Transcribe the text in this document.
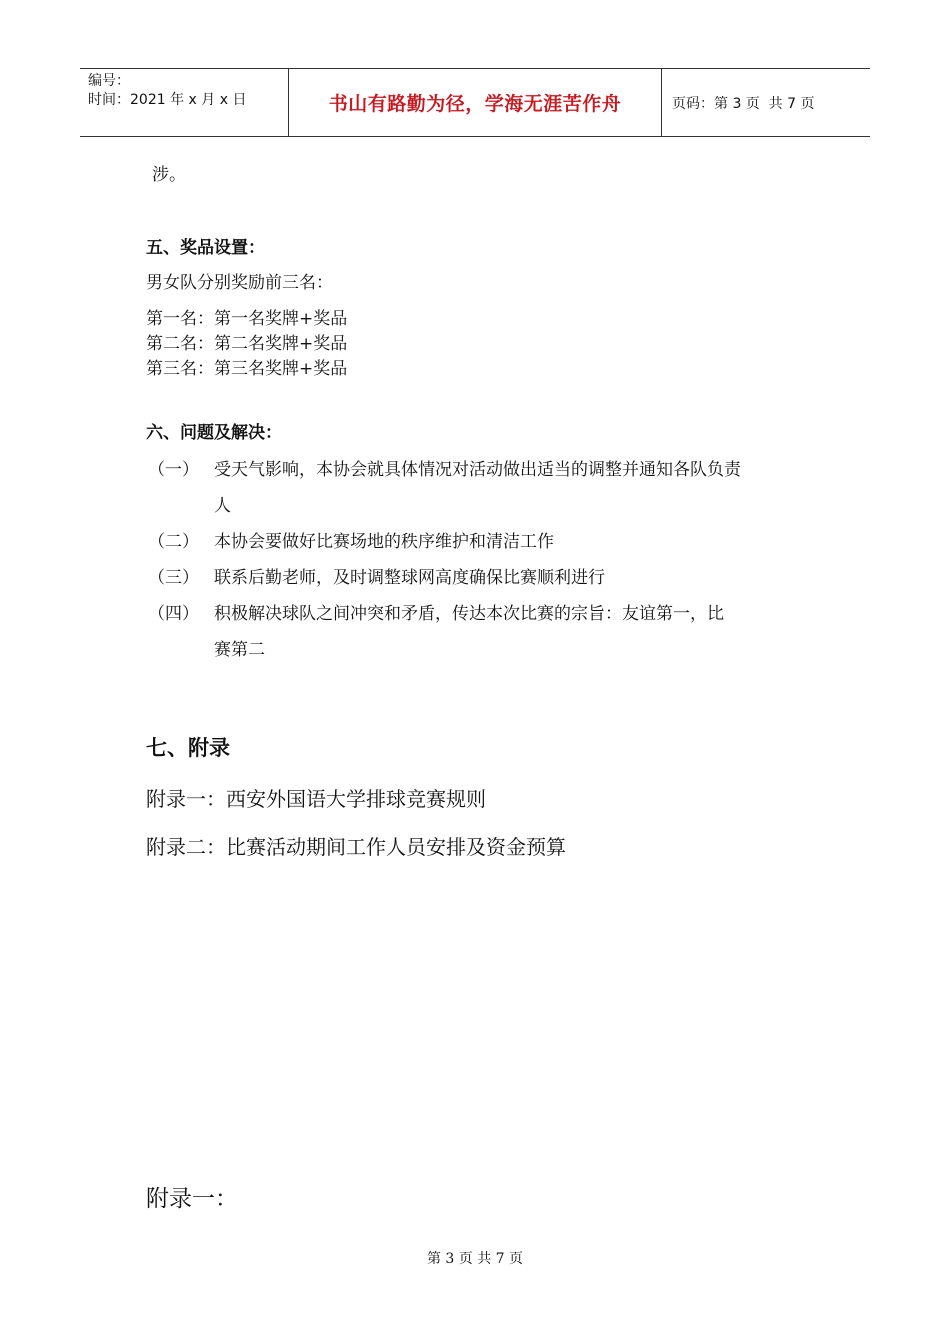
编号：
时间：2021 年 x 月 x 日	书山有路勤为径，学海无涯苦作舟	页码：第 3 页  共 7 页
涉。
五、奖品设置：
男女队分别奖励前三名：
第一名：第一名奖牌+奖品
第二名：第二名奖牌+奖品
第三名：第三名奖牌+奖品
六、问题及解决：
（一） 受天气影响，本协会就具体情况对活动做出适当的调整并通知各队负责
人
（二） 本协会要做好比赛场地的秩序维护和清洁工作
（三） 联系后勤老师，及时调整球网高度确保比赛顺利进行
（四） 积极解决球队之间冲突和矛盾，传达本次比赛的宗旨：友谊第一，比
赛第二
七、附录
附录一：西安外国语大学排球竞赛规则
附录二：比赛活动期间工作人员安排及资金预算
附录一：
第 3 页 共 7 页
